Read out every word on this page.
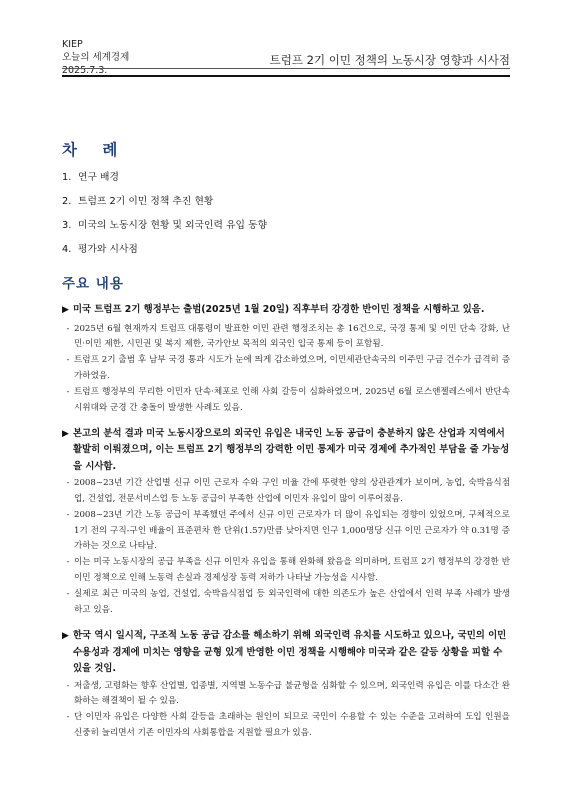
KIEP
오늘의 세계경제
2025.7.3.
트럼프 2기 이민 정책의 노동시장 영향과 시사점
차 례
1. 연구 배경
2. 트럼프 2기 이민 정책 추진 현황
3. 미국의 노동시장 현황 및 외국인력 유입 동향
4. 평가와 시사점
주요 내용
▶ 미국 트럼프 2기 행정부는 출범(2025년 1월 20일) 직후부터 강경한 반이민 정책을 시행하고 있음.
- 2025년 6월 현재까지 트럼프 대통령이 발표한 이민 관련 행정조치는 총 16건으로, 국경 통제 및 이민 단속 강화, 난민·이민 제한, 시민권 및 복지 제한, 국가안보 목적의 외국인 입국 통제 등이 포함됨.
- 트럼프 2기 출범 후 남부 국경 통과 시도가 눈에 띄게 감소하였으며, 이민세관단속국의 이주민 구금 건수가 급격히 증가하였음.
- 트럼프 행정부의 무리한 이민자 단속·체포로 인해 사회 갈등이 심화하였으며, 2025년 6월 로스앤젤레스에서 반단속 시위대와 군경 간 충돌이 발생한 사례도 있음.
▶ 본고의 분석 결과 미국 노동시장으로의 외국인 유입은 내국인 노동 공급이 충분하지 않은 산업과 지역에서 활발히 이뤄졌으며, 이는 트럼프 2기 행정부의 강력한 이민 통제가 미국 경제에 추가적인 부담을 줄 가능성을 시사함.
- 2008~23년 기간 산업별 신규 이민 근로자 수와 구인 비율 간에 뚜렷한 양의 상관관계가 보이며, 농업, 숙박음식점업, 건설업, 전문서비스업 등 노동 공급이 부족한 산업에 이민자 유입이 많이 이루어졌음.
- 2008~23년 기간 노동 공급이 부족했던 주에서 신규 이민 근로자가 더 많이 유입되는 경향이 있었으며, 구체적으로 1기 전의 구직-구인 배율이 표준편차 한 단위(1.57)만큼 낮아지면 인구 1,000명당 신규 이민 근로자가 약 0.31명 증가하는 것으로 나타남.
- 이는 미국 노동시장의 공급 부족을 신규 이민자 유입을 통해 완화해 왔음을 의미하며, 트럼프 2기 행정부의 강경한 반이민 정책으로 인해 노동력 손실과 경제성장 동력 저하가 나타날 가능성을 시사함.
- 실제로 최근 미국의 농업, 건설업, 숙박음식점업 등 외국인력에 대한 의존도가 높은 산업에서 인력 부족 사례가 발생하고 있음.
▶ 한국 역시 일시적, 구조적 노동 공급 감소를 해소하기 위해 외국인력 유치를 시도하고 있으나, 국민의 이민 수용성과 경제에 미치는 영향을 균형 있게 반영한 이민 정책을 시행해야 미국과 같은 갈등 상황을 피할 수 있을 것임.
- 저출생, 고령화는 향후 산업별, 업종별, 지역별 노동수급 불균형을 심화할 수 있으며, 외국인력 유입은 이를 다소간 완화하는 해결책이 될 수 있음.
- 단 이민자 유입은 다양한 사회 갈등을 초래하는 원인이 되므로 국민이 수용할 수 있는 수준을 고려하여 도입 인원을 신중히 늘리면서 기존 이민자의 사회통합을 지원할 필요가 있음.
